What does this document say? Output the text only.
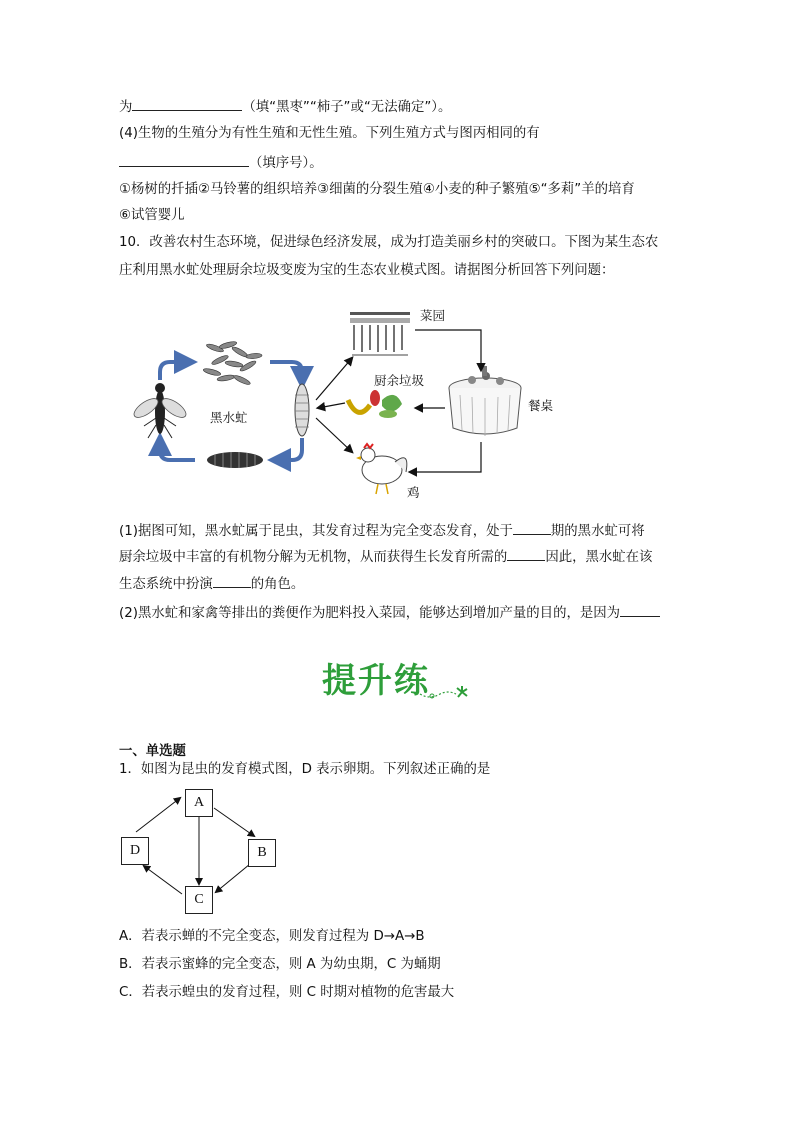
为	（填“黑枣”“柿子”或“无法确定”）。
(4)生物的生殖分为有性生殖和无性生殖。下列生殖方式与图丙相同的有
（填序号）。
①杨树的扦插②马铃薯的组织培养③细菌的分裂生殖④小麦的种子繁殖⑤“多莉”羊的培育
⑥试管婴儿
10．改善农村生态环境，促进绿色经济发展，成为打造美丽乡村的突破口。下图为某生态农
庄利用黑水虻处理厨余垃圾变废为宝的生态农业模式图。请据图分析回答下列问题：
菜园
厨余垃圾
餐桌
黑水虻
鸡
(1)据图可知，黑水虻属于昆虫，其发育过程为完全变态发育，处于	期的黑水虻可将
厨余垃圾中丰富的有机物分解为无机物，从而获得生长发育所需的	因此，黑水虻在该
生态系统中扮演	的角色。
(2)黑水虻和家禽等排出的粪便作为肥料投入菜园，能够达到增加产量的目的，是因为
提升练
一、单选题
1．如图为昆虫的发育模式图，D 表示卵期。下列叙述正确的是
A
B
C
D
A．若表示蝉的不完全变态，则发育过程为 D→A→B
B．若表示蜜蜂的完全变态，则 A 为幼虫期，C 为蛹期
C．若表示蝗虫的发育过程，则 C 时期对植物的危害最大
